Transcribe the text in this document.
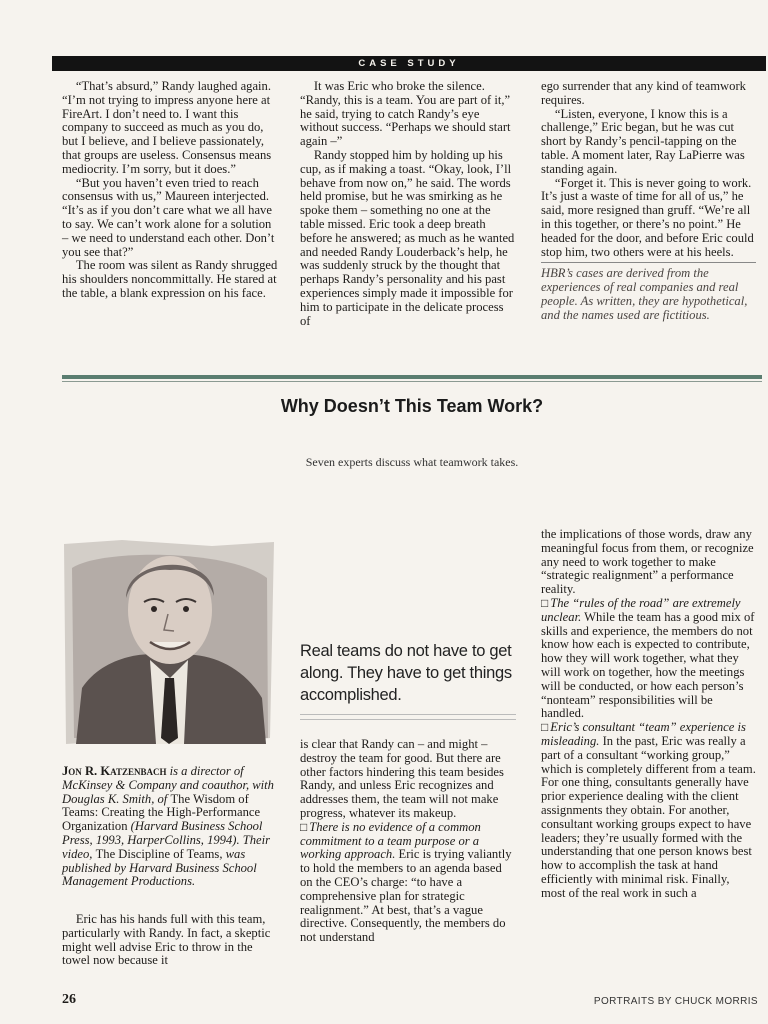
CASE STUDY

“That’s absurd,” Randy laughed again. “I’m not trying to impress anyone here at FireArt. I don’t need to. I want this company to succeed as much as you do, but I believe, and I believe passionately, that groups are useless. Consensus means mediocrity. I’m sorry, but it does.”

“But you haven’t even tried to reach consensus with us,” Maureen interjected. “It’s as if you don’t care what we all have to say. We can’t work alone for a solution – we need to understand each other. Don’t you see that?”

The room was silent as Randy shrugged his shoulders noncommittally. He stared at the table, a blank expression on his face.

It was Eric who broke the silence. “Randy, this is a team. You are part of it,” he said, trying to catch Randy’s eye without success. “Perhaps we should start again –”

Randy stopped him by holding up his cup, as if making a toast. “Okay, look, I’ll behave from now on,” he said. The words held promise, but he was smirking as he spoke them – something no one at the table missed. Eric took a deep breath before he answered; as much as he wanted and needed Randy Louderback’s help, he was suddenly struck by the thought that perhaps Randy’s personality and his past experiences simply made it impossible for him to participate in the delicate process of

ego surrender that any kind of teamwork requires.

“Listen, everyone, I know this is a challenge,” Eric began, but he was cut short by Randy’s pencil-tapping on the table. A moment later, Ray LaPierre was standing again.

“Forget it. This is never going to work. It’s just a waste of time for all of us,” he said, more resigned than gruff. “We’re all in this together, or there’s no point.” He headed for the door, and before Eric could stop him, two others were at his heels.

HBR’s cases are derived from the experiences of real companies and real people. As written, they are hypothetical, and the names used are fictitious.

Why Doesn’t This Team Work?
Seven experts discuss what teamwork takes.
Jon R. Katzenbach is a director of McKinsey & Company and coauthor, with Douglas K. Smith, of The Wisdom of Teams: Creating the High-Performance Organization (Harvard Business School Press, 1993, HarperCollins, 1994). Their video, The Discipline of Teams, was published by Harvard Business School Management Productions.

Eric has his hands full with this team, particularly with Randy. In fact, a skeptic might well advise Eric to throw in the towel now because it

Real teams do not have to get along. They have to get things accomplished.

is clear that Randy can – and might – destroy the team for good. But there are other factors hindering this team besides Randy, and unless Eric recognizes and addresses them, the team will not make progress, whatever its makeup.

□ There is no evidence of a common commitment to a team purpose or a working approach. Eric is trying valiantly to hold the members to an agenda based on the CEO’s charge: “to have a comprehensive plan for strategic realignment.” At best, that’s a vague directive. Consequently, the members do not understand

the implications of those words, draw any meaningful focus from them, or recognize any need to work together to make “strategic realignment” a performance reality.

□ The “rules of the road” are extremely unclear. While the team has a good mix of skills and experience, the members do not know how each is expected to contribute, how they will work together, what they will work on together, how the meetings will be conducted, or how each person’s “nonteam” responsibilities will be handled.

□ Eric’s consultant “team” experience is misleading. In the past, Eric was really a part of a consultant “working group,” which is completely different from a team. For one thing, consultants generally have prior experience dealing with the client assignments they obtain. For another, consultant working groups expect to have leaders; they’re usually formed with the understanding that one person knows best how to accomplish the task at hand efficiently with minimal risk. Finally, most of the real work in such a

26	PORTRAITS BY CHUCK MORRIS
